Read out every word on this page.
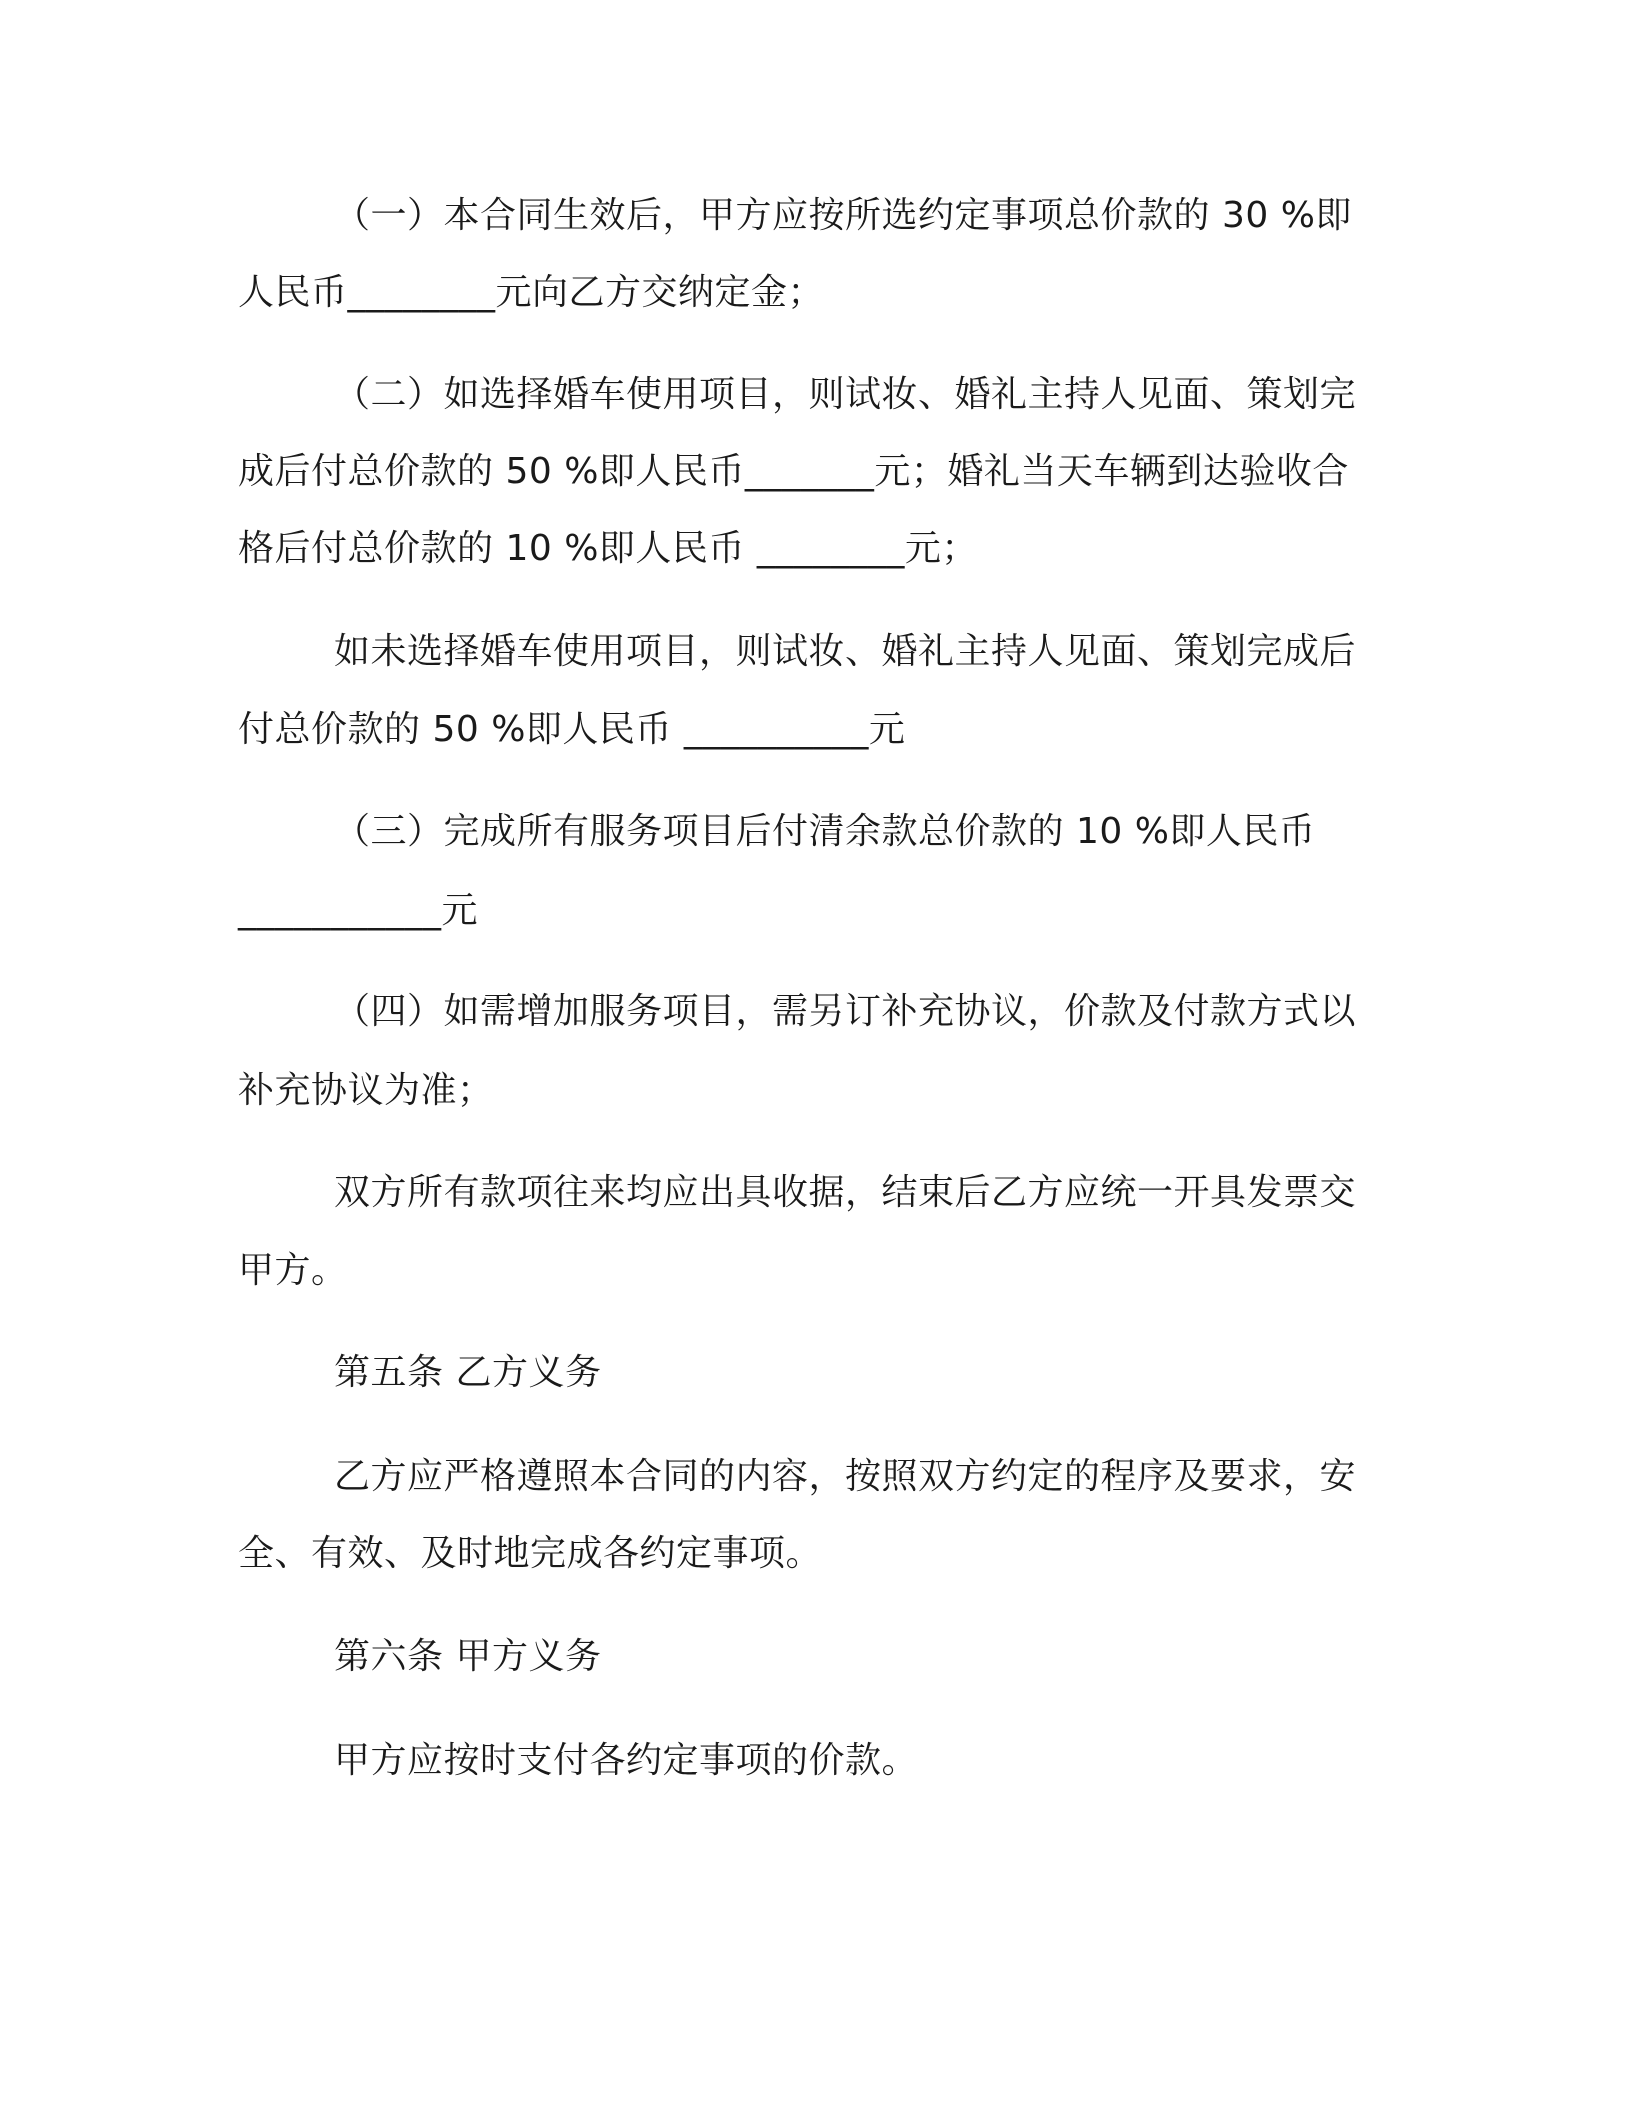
（一）本合同生效后，甲方应按所选约定事项总价款的 30 %即
人民币________元向乙方交纳定金；
（二）如选择婚车使用项目，则试妆、婚礼主持人见面、策划完
成后付总价款的 50 %即人民币_______元；婚礼当天车辆到达验收合
格后付总价款的 10 %即人民币 ________元；
如未选择婚车使用项目，则试妆、婚礼主持人见面、策划完成后
付总价款的 50 %即人民币 __________元
（三）完成所有服务项目后付清余款总价款的 10 %即人民币
___________元
（四）如需增加服务项目，需另订补充协议，价款及付款方式以
补充协议为准；
双方所有款项往来均应出具收据，结束后乙方应统一开具发票交
甲方。
第五条 乙方义务
乙方应严格遵照本合同的内容，按照双方约定的程序及要求，安
全、有效、及时地完成各约定事项。
第六条 甲方义务
甲方应按时支付各约定事项的价款。
